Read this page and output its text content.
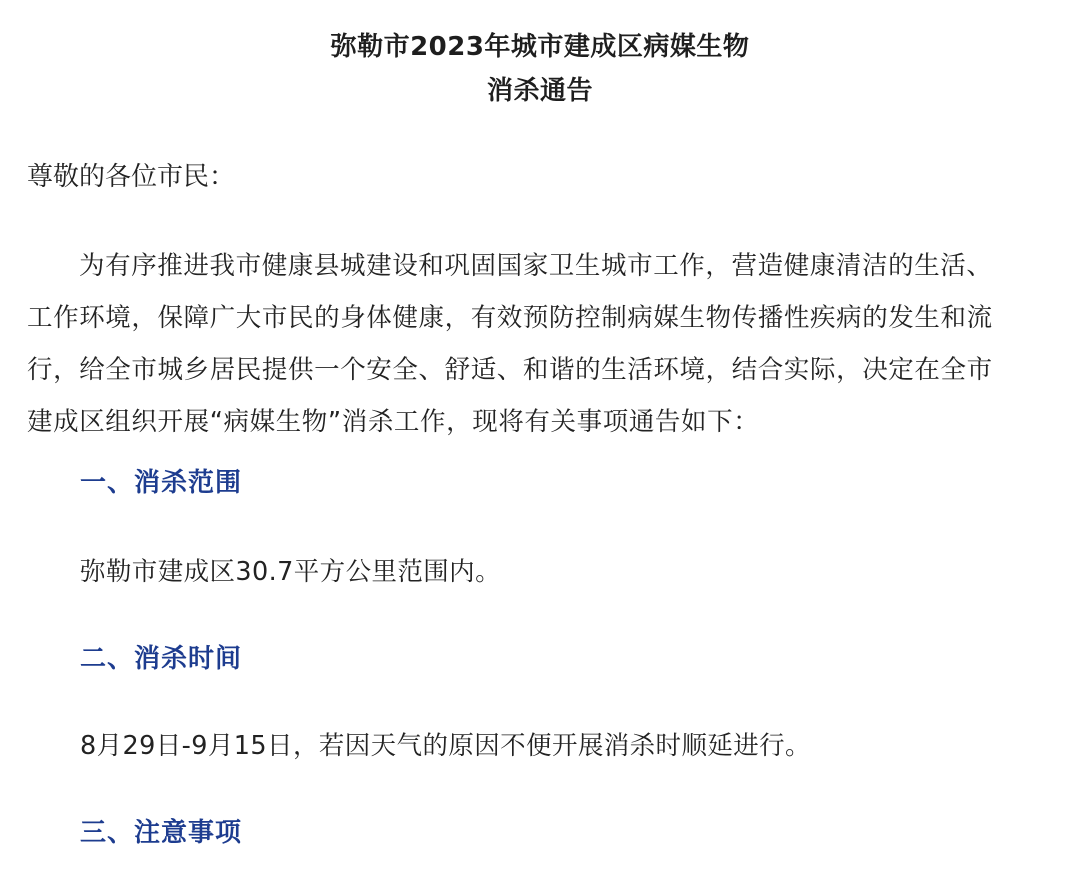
弥勒市2023年城市建成区病媒生物
消杀通告
尊敬的各位市民：
为有序推进我市健康县城建设和巩固国家卫生城市工作，营造健康清洁的生活、
工作环境，保障广大市民的身体健康，有效预防控制病媒生物传播性疾病的发生和流
行，给全市城乡居民提供一个安全、舒适、和谐的生活环境，结合实际，决定在全市
建成区组织开展“病媒生物”消杀工作，现将有关事项通告如下：
一、消杀范围
弥勒市建成区30.7平方公里范围内。
二、消杀时间
8月29日-9月15日，若因天气的原因不便开展消杀时顺延进行。
三、注意事项
